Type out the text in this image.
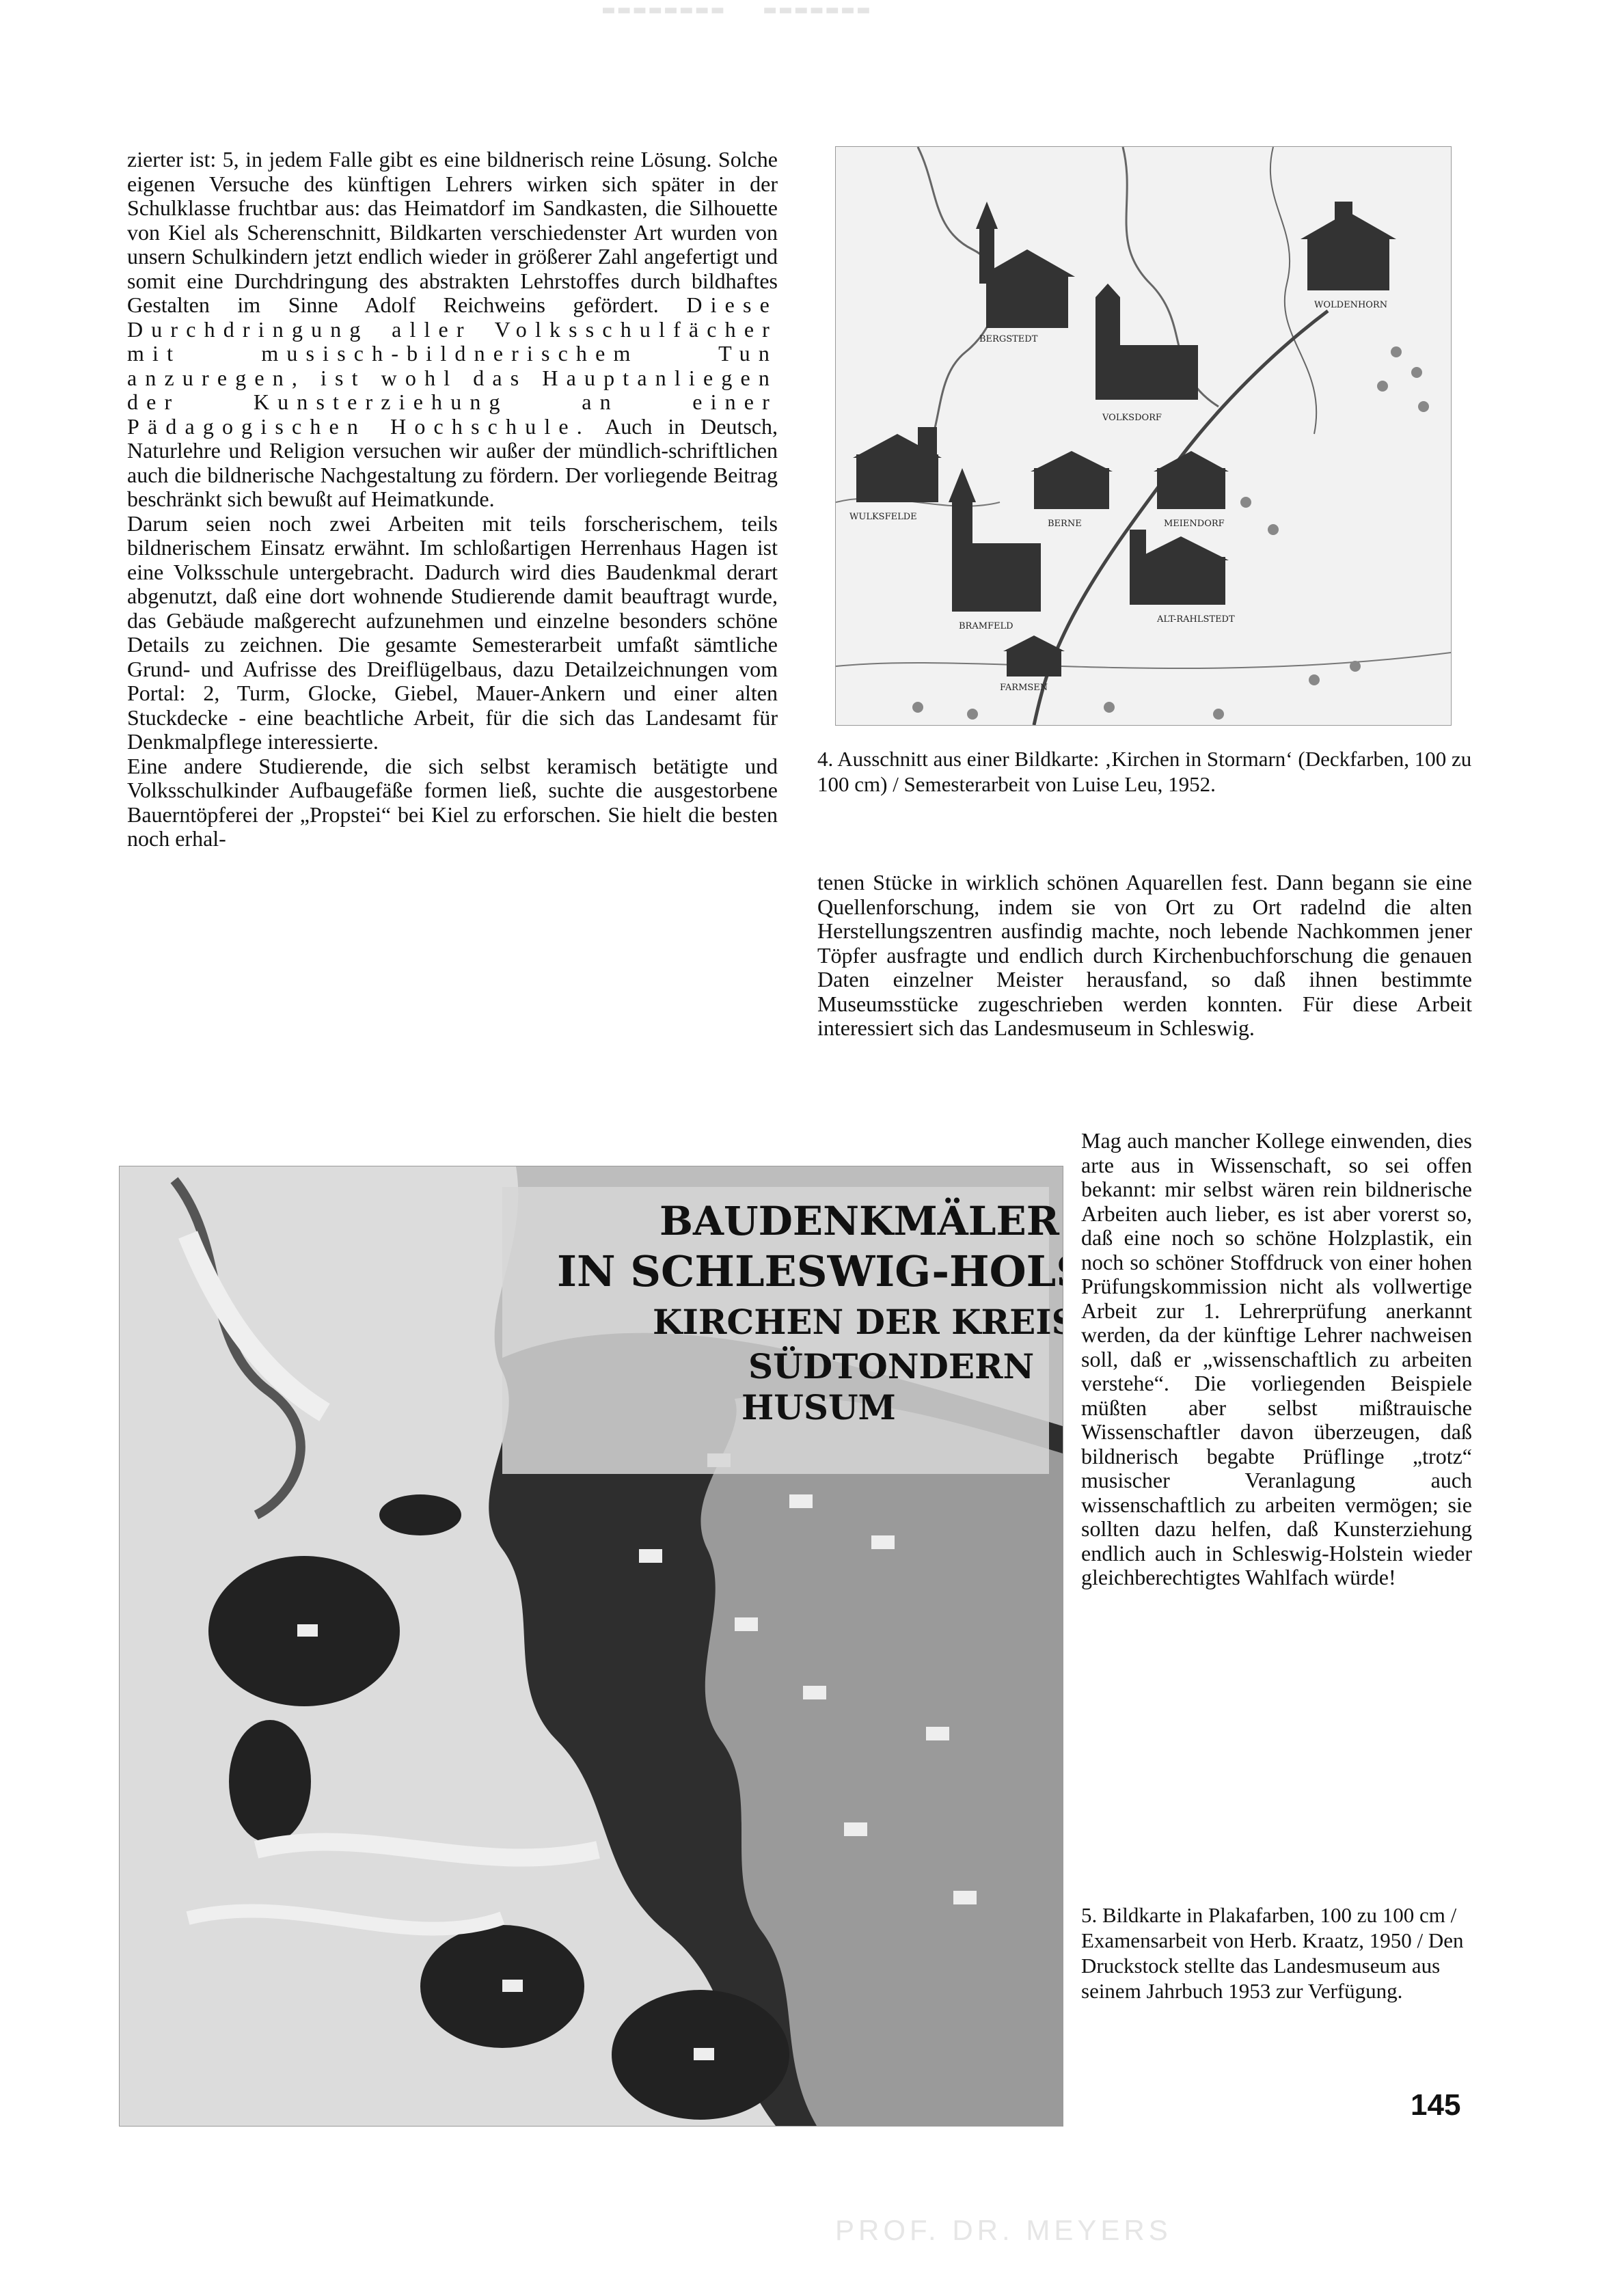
▬▬▬▬▬▬▬▬      ▬▬▬▬▬▬▬

zierter ist: 5, in jedem Falle gibt es eine bildnerisch reine Lösung. Solche eigenen Versuche des künftigen Lehrers wirken sich später in der Schulklasse fruchtbar aus: das Heimatdorf im Sandkasten, die Silhouette von Kiel als Scherenschnitt, Bildkarten verschiedenster Art wurden von unsern Schulkindern jetzt endlich wieder in größerer Zahl angefertigt und somit eine Durchdringung des abstrakten Lehrstoffes durch bildhaftes Gestalten im Sinne Adolf Reichweins gefördert. Diese Durchdringung aller Volksschulfächer mit musisch-bildnerischem Tun anzuregen, ist wohl das Hauptanliegen der Kunsterziehung an einer Pädagogischen Hochschule. Auch in Deutsch, Naturlehre und Religion versuchen wir außer der mündlich-schriftlichen auch die bildnerische Nachgestaltung zu fördern. Der vorliegende Beitrag beschränkt sich bewußt auf Heimatkunde.

Darum seien noch zwei Arbeiten mit teils forscherischem, teils bildnerischem Einsatz erwähnt. Im schloßartigen Herrenhaus Hagen ist eine Volksschule untergebracht. Dadurch wird dies Baudenkmal derart abgenutzt, daß eine dort wohnende Studierende damit beauftragt wurde, das Gebäude maßgerecht aufzunehmen und einzelne besonders schöne Details zu zeichnen. Die gesamte Semesterarbeit umfaßt sämtliche Grund- und Aufrisse des Dreiflügelbaus, dazu Detailzeichnungen vom Portal: 2, Turm, Glocke, Giebel, Mauer-Ankern und einer alten Stuckdecke - eine beachtliche Arbeit, für die sich das Landesamt für Denkmalpflege interessierte.

Eine andere Studierende, die sich selbst keramisch betätigte und Volksschulkinder Aufbaugefäße formen ließ, suchte die ausgestorbene Bauerntöpferei der „Propstei“ bei Kiel zu erforschen. Sie hielt die besten noch erhal-

BERGSTEDT
WULKSFELDE
VOLKSDORF
WOLDENHORN
MEIENDORF
BERNE
BRAMFELD
ALT-RAHLSTEDT
FARMSEN
4. Ausschnitt aus einer Bildkarte: ‚Kirchen in Stormarn‘ (Deckfarben, 100 zu 100 cm) / Semesterarbeit von Luise Leu, 1952.

tenen Stücke in wirklich schönen Aquarellen fest. Dann begann sie eine Quellenforschung, indem sie von Ort zu Ort radelnd die alten Herstellungszentren ausfindig machte, noch lebende Nachkommen jener Töpfer ausfragte und endlich durch Kirchenbuchforschung die genauen Daten einzelner Meister herausfand, so daß ihnen bestimmte Museumsstücke zugeschrieben werden konnten. Für diese Arbeit interessiert sich das Landesmuseum in Schleswig.

BAUDENKMÄLER
IN SCHLESWIG-HOL
KIRCHEN DER KREI
SÜDTONDERN
HUSUM

Mag auch mancher Kollege einwenden, dies arte aus in Wissenschaft, so sei offen bekannt: mir selbst wären rein bildnerische Arbeiten auch lieber, es ist aber vorerst so, daß eine noch so schöne Holzplastik, ein noch so schöner Stoffdruck von einer hohen Prüfungskommission nicht als vollwertige Arbeit zur 1. Lehrerprüfung anerkannt werden, da der künftige Lehrer nachweisen soll, daß er „wissenschaftlich zu arbeiten verstehe“. Die vorliegenden Beispiele müßten aber selbst mißtrauische Wissenschaftler davon überzeugen, daß bildnerisch begabte Prüflinge „trotz“ musischer Veranlagung auch wissenschaftlich zu arbeiten vermögen; sie sollten dazu helfen, daß Kunsterziehung endlich auch in Schleswig-Holstein wieder gleichberechtigtes Wahlfach würde!

5. Bildkarte in Plakafarben, 100 zu 100 cm / Examensarbeit von Herb. Kraatz, 1950 / Den Druckstock stellte das Landesmuseum aus seinem Jahrbuch 1953 zur Verfügung.
145
PROF. DR. MEYERS
